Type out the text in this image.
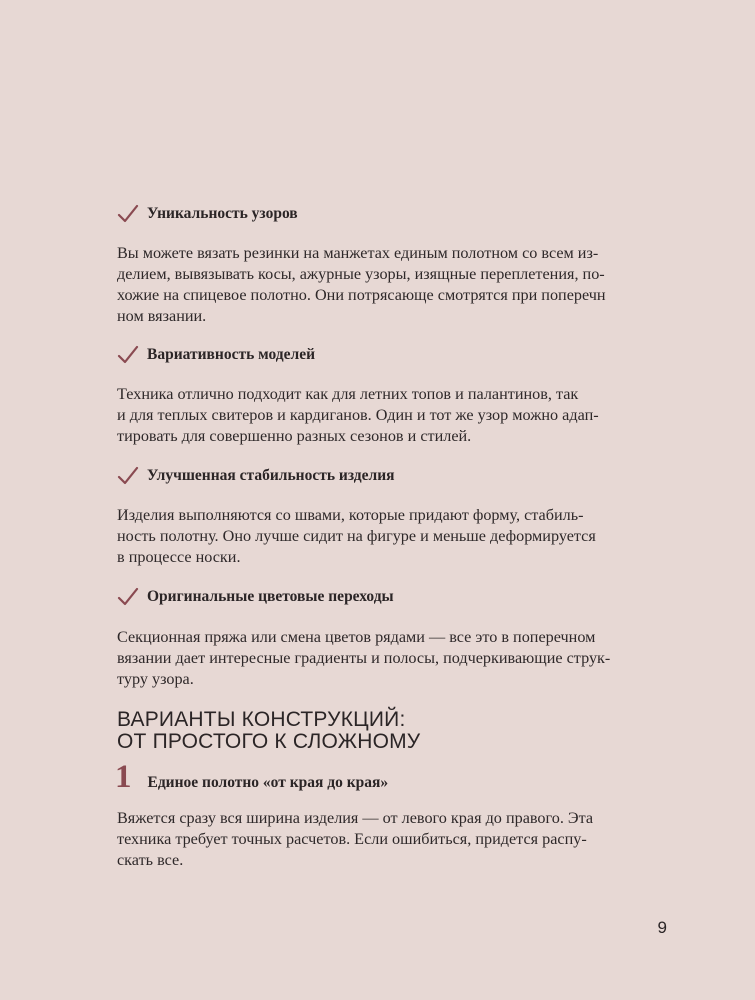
Уникальность узоров

Вы можете вязать резинки на манжетах единым полотном со всем из-
делием, вывязывать косы, ажурные узоры, изящные переплетения, по-
хожие на спицевое полотно. Они потрясающе смотрятся при поперечн
ном вязании.

Вариативность моделей

Техника отлично подходит как для летних топов и палантинов, так
и для теплых свитеров и кардиганов. Один и тот же узор можно адап-
тировать для совершенно разных сезонов и стилей.

Улучшенная стабильность изделия

Изделия выполняются со швами, которые придают форму, стабиль-
ность полотну. Оно лучше сидит на фигуре и меньше деформируется
в процессе носки.

Оригинальные цветовые переходы

Секционная пряжа или смена цветов рядами — все это в поперечном
вязании дает интересные градиенты и полосы, подчеркивающие струк-
туру узора.

ВАРИАНТЫ КОНСТРУКЦИЙ:
ОТ ПРОСТОГО К СЛОЖНОМУ
1 Единое полотно «от края до края»

Вяжется сразу вся ширина изделия — от левого края до правого. Эта
техника требует точных расчетов. Если ошибиться, придется распу-
скать все.

9
